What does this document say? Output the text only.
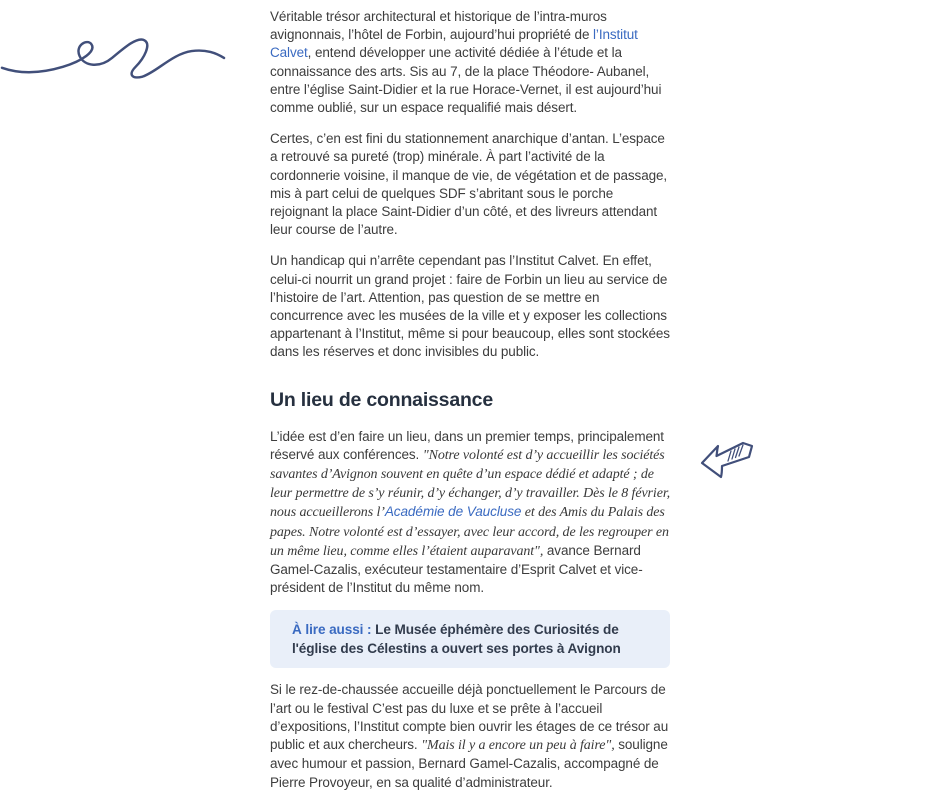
Véritable trésor architectural et historique de l’intra-muros avignonnais, l’hôtel de Forbin, aujourd’hui propriété de l’Institut Calvet, entend développer une activité dédiée à l’étude et la connaissance des arts. Sis au 7, de la place Théodore- Aubanel, entre l’église Saint-Didier et la rue Horace-Vernet, il est aujourd’hui comme oublié, sur un espace requalifié mais désert.

Certes, c’en est fini du stationnement anarchique d’antan. L’espace a retrouvé sa pureté (trop) minérale. À part l’activité de la cordonnerie voisine, il manque de vie, de végétation et de passage, mis à part celui de quelques SDF s’abritant sous le porche rejoignant la place Saint-Didier d’un côté, et des livreurs attendant leur course de l’autre.

Un handicap qui n’arrête cependant pas l’Institut Calvet. En effet, celui-ci nourrit un grand projet : faire de Forbin un lieu au service de l’histoire de l’art. Attention, pas question de se mettre en concurrence avec les musées de la ville et y exposer les collections appartenant à l’Institut, même si pour beaucoup, elles sont stockées dans les réserves et donc invisibles du public.

Un lieu de connaissance

L’idée est d’en faire un lieu, dans un premier temps, principalement réservé aux conférences. "Notre volonté est d’y accueillir les sociétés savantes d’Avignon souvent en quête d’un espace dédié et adapté ; de leur permettre de s’y réunir, d’y échanger, d’y travailler. Dès le 8 février, nous accueillerons l’Académie de Vaucluse et des Amis du Palais des papes. Notre volonté est d’essayer, avec leur accord, de les regrouper en un même lieu, comme elles l’étaient auparavant", avance Bernard Gamel-Cazalis, exécuteur testamentaire d’Esprit Calvet et vice- président de l’Institut du même nom.

À lire aussi : Le Musée éphémère des Curiosités de l'église des Célestins a ouvert ses portes à Avignon

Si le rez-de-chaussée accueille déjà ponctuellement le Parcours de l’art ou le festival C’est pas du luxe et se prête à l’accueil d’expositions, l’Institut compte bien ouvrir les étages de ce trésor au public et aux chercheurs. "Mais il y a encore un peu à faire", souligne avec humour et passion, Bernard Gamel-Cazalis, accompagné de Pierre Provoyeur, en sa qualité d’administrateur.
